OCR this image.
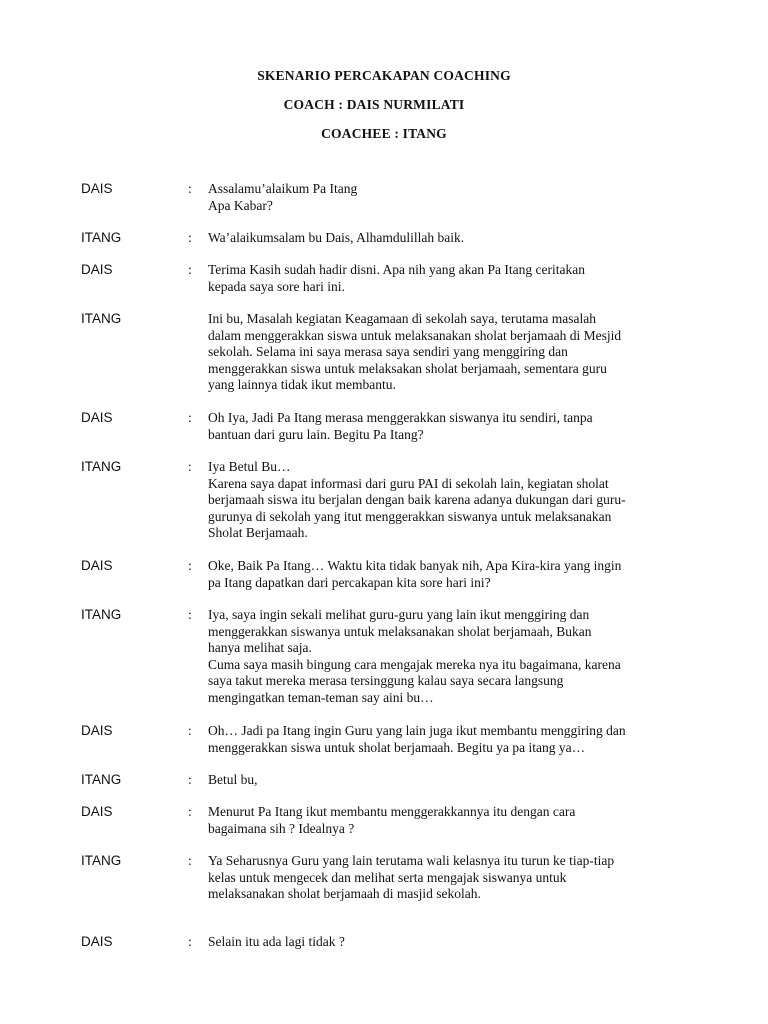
SKENARIO PERCAKAPAN COACHING
COACH : DAIS NURMILATI
COACHEE : ITANG
DAIS	: Assalamu’alaikum Pa Itang
Apa Kabar?
ITANG	: Wa’alaikumsalam bu Dais, Alhamdulillah baik.
DAIS	: Terima Kasih sudah hadir disni. Apa nih yang akan Pa Itang ceritakan
kepada saya sore hari ini.
ITANG	Ini bu, Masalah kegiatan Keagamaan di sekolah saya, terutama masalah
dalam menggerakkan siswa untuk melaksanakan sholat berjamaah di Mesjid
sekolah. Selama ini saya merasa saya sendiri yang menggiring dan
menggerakkan siswa untuk melaksakan sholat berjamaah, sementara guru
yang lainnya tidak ikut membantu.
DAIS	: Oh Iya, Jadi Pa Itang merasa menggerakkan siswanya itu sendiri, tanpa
bantuan dari guru lain. Begitu Pa Itang?
ITANG	: Iya Betul Bu…
Karena saya dapat informasi dari guru PAI di sekolah lain, kegiatan sholat
berjamaah siswa itu berjalan dengan baik karena adanya dukungan dari guru-
gurunya di sekolah yang itut menggerakkan siswanya untuk melaksanakan
Sholat Berjamaah.
DAIS	: Oke, Baik Pa Itang… Waktu kita tidak banyak nih, Apa Kira-kira yang ingin
pa Itang dapatkan dari percakapan kita sore hari ini?
ITANG	: Iya, saya ingin sekali melihat guru-guru yang lain ikut menggiring dan
menggerakkan siswanya untuk melaksanakan sholat berjamaah, Bukan
hanya melihat saja.
Cuma saya masih bingung cara mengajak mereka nya itu bagaimana, karena
saya takut mereka merasa tersinggung kalau saya secara langsung
mengingatkan teman-teman say aini bu…
DAIS	: Oh… Jadi pa Itang ingin Guru yang lain juga ikut membantu menggiring dan
menggerakkan siswa untuk sholat berjamaah. Begitu ya pa itang ya…
ITANG	: Betul bu,
DAIS	: Menurut Pa Itang ikut membantu menggerakkannya itu dengan cara
bagaimana sih ? Idealnya ?
ITANG	: Ya Seharusnya Guru yang lain terutama wali kelasnya itu turun ke tiap-tiap
kelas untuk mengecek dan melihat serta mengajak siswanya untuk
melaksanakan sholat berjamaah di masjid sekolah.
DAIS	: Selain itu ada lagi tidak ?
